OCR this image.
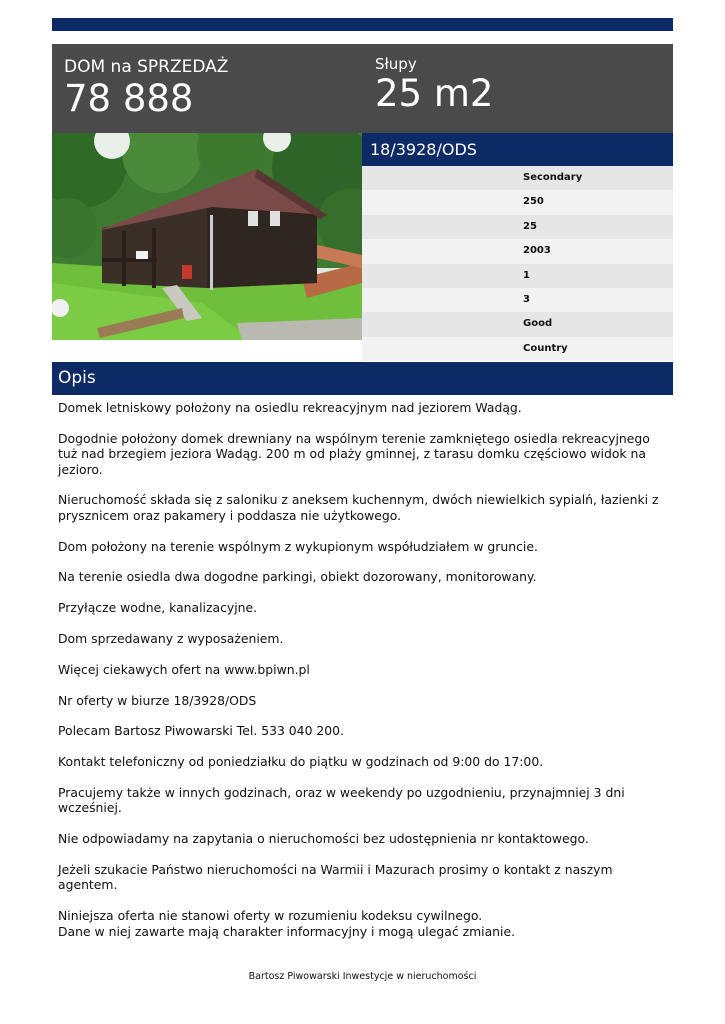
DOM na SPRZEDAŻ
78 888
Słupy
25 m2
18/3928/ODS
Secondary
250
25
2003
1
3
Good
Country
Opis

Domek letniskowy położony na osiedlu rekreacyjnym nad jeziorem Wadąg.

Dogodnie położony domek drewniany na wspólnym terenie zamkniętego osiedla rekreacyjnego tuż nad brzegiem jeziora Wadąg. 200 m od plaży gminnej, z tarasu domku częściowo widok na jezioro.

Nieruchomość składa się z saloniku z aneksem kuchennym, dwóch niewielkich sypialń, łazienki z prysznicem oraz pakamery i poddasza nie użytkowego.

Dom położony na terenie wspólnym z wykupionym współudziałem w gruncie.

Na terenie osiedla dwa dogodne parkingi, obiekt dozorowany, monitorowany.

Przyłącze wodne, kanalizacyjne.

Dom sprzedawany z wyposażeniem.

Więcej ciekawych ofert na www.bpiwn.pl

Nr oferty w biurze 18/3928/ODS

Polecam Bartosz Piwowarski Tel. 533 040 200.

Kontakt telefoniczny od poniedziałku do piątku w godzinach od 9:00 do 17:00.

Pracujemy także w innych godzinach, oraz w weekendy po uzgodnieniu, przynajmniej 3 dni wcześniej.

Nie odpowiadamy na zapytania o nieruchomości bez udostępnienia nr kontaktowego.

Jeżeli szukacie Państwo nieruchomości na Warmii i Mazurach prosimy o kontakt z naszym agentem.

Niniejsza oferta nie stanowi oferty w rozumieniu kodeksu cywilnego.
Dane w niej zawarte mają charakter informacyjny i mogą ulegać zmianie.
Bartosz Piwowarski Inwestycje w nieruchomości
